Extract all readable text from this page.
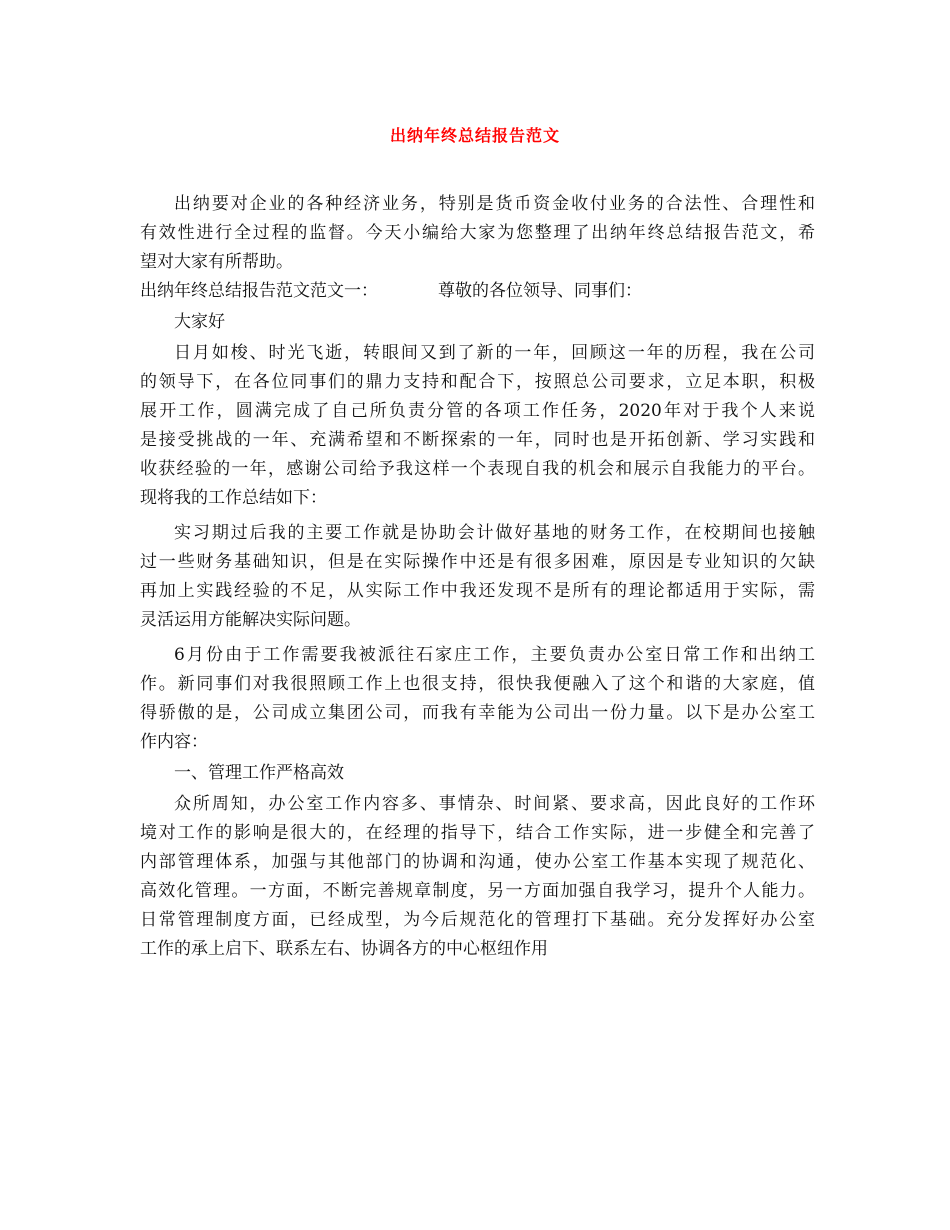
出纳年终总结报告范文
出纳要对企业的各种经济业务，特别是货币资金收付业务的合法性、合理性和
有效性进行全过程的监督。今天小编给大家为您整理了出纳年终总结报告范文，希
望对大家有所帮助。
出纳年终总结报告范文范文一：	尊敬的各位领导、同事们：
大家好
日月如梭、时光飞逝，转眼间又到了新的一年，回顾这一年的历程，我在公司
的领导下，在各位同事们的鼎力支持和配合下，按照总公司要求，立足本职，积极
展开工作，圆满完成了自己所负责分管的各项工作任务，2020年对于我个人来说
是接受挑战的一年、充满希望和不断探索的一年，同时也是开拓创新、学习实践和
收获经验的一年，感谢公司给予我这样一个表现自我的机会和展示自我能力的平台。
现将我的工作总结如下：
实习期过后我的主要工作就是协助会计做好基地的财务工作，在校期间也接触
过一些财务基础知识，但是在实际操作中还是有很多困难，原因是专业知识的欠缺
再加上实践经验的不足，从实际工作中我还发现不是所有的理论都适用于实际，需
灵活运用方能解决实际问题。
6月份由于工作需要我被派往石家庄工作，主要负责办公室日常工作和出纳工
作。新同事们对我很照顾工作上也很支持，很快我便融入了这个和谐的大家庭，值
得骄傲的是，公司成立集团公司，而我有幸能为公司出一份力量。以下是办公室工
作内容：
一、管理工作严格高效
众所周知，办公室工作内容多、事情杂、时间紧、要求高，因此良好的工作环
境对工作的影响是很大的，在经理的指导下，结合工作实际，进一步健全和完善了
内部管理体系，加强与其他部门的协调和沟通，使办公室工作基本实现了规范化、
高效化管理。一方面，不断完善规章制度，另一方面加强自我学习，提升个人能力。
日常管理制度方面，已经成型，为今后规范化的管理打下基础。充分发挥好办公室
工作的承上启下、联系左右、协调各方的中心枢纽作用
